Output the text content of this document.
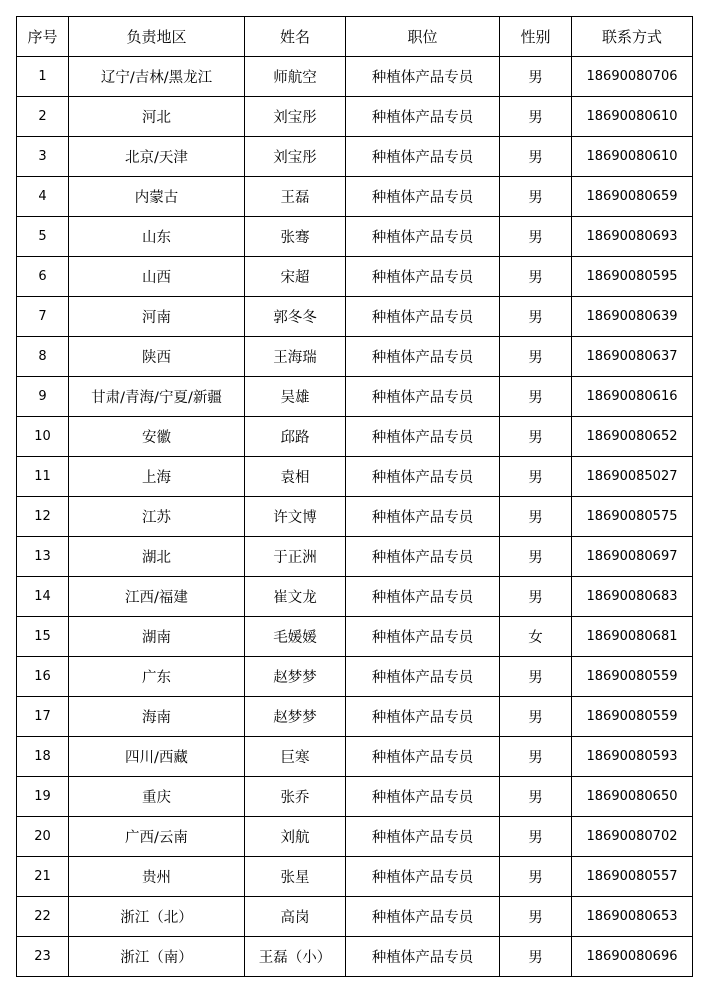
序号	负责地区	姓名	职位	性别	联系方式
1	辽宁/吉林/黑龙江	师航空	种植体产品专员	男	18690080706
2	河北	刘宝彤	种植体产品专员	男	18690080610
3	北京/天津	刘宝彤	种植体产品专员	男	18690080610
4	内蒙古	王磊	种植体产品专员	男	18690080659
5	山东	张骞	种植体产品专员	男	18690080693
6	山西	宋超	种植体产品专员	男	18690080595
7	河南	郭冬冬	种植体产品专员	男	18690080639
8	陕西	王海瑞	种植体产品专员	男	18690080637
9	甘肃/青海/宁夏/新疆	吴雄	种植体产品专员	男	18690080616
10	安徽	邱路	种植体产品专员	男	18690080652
11	上海	袁相	种植体产品专员	男	18690085027
12	江苏	许文博	种植体产品专员	男	18690080575
13	湖北	于正洲	种植体产品专员	男	18690080697
14	江西/福建	崔文龙	种植体产品专员	男	18690080683
15	湖南	毛媛媛	种植体产品专员	女	18690080681
16	广东	赵梦梦	种植体产品专员	男	18690080559
17	海南	赵梦梦	种植体产品专员	男	18690080559
18	四川/西藏	巨寒	种植体产品专员	男	18690080593
19	重庆	张乔	种植体产品专员	男	18690080650
20	广西/云南	刘航	种植体产品专员	男	18690080702
21	贵州	张星	种植体产品专员	男	18690080557
22	浙江（北）	高岗	种植体产品专员	男	18690080653
23	浙江（南）	王磊（小）	种植体产品专员	男	18690080696
